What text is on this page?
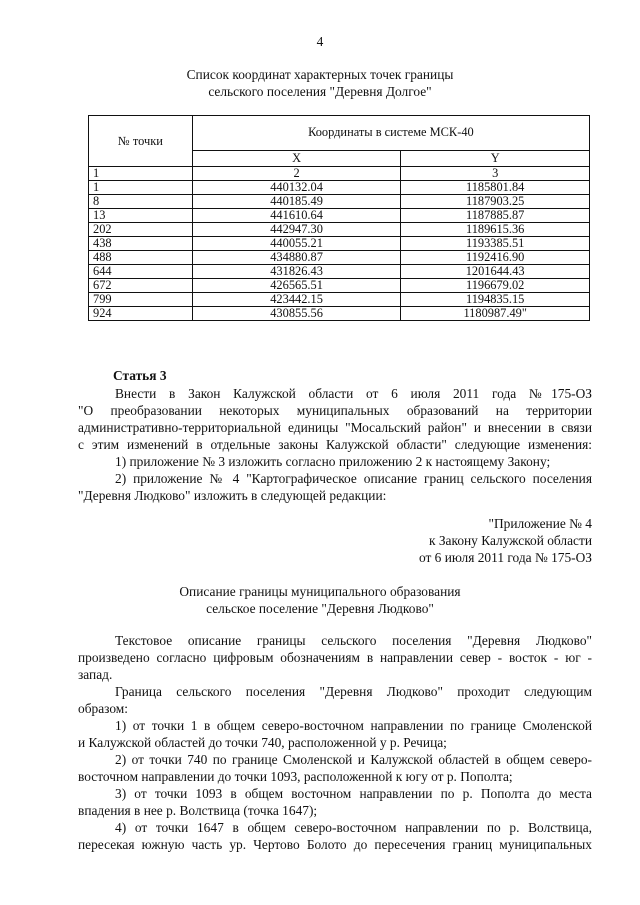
4
Список координат характерных точек границы
сельского поселения "Деревня Долгое"
№ точки	Координаты в системе МСК-40	
	X	Y
1	2	3
1	440132.04	1185801.84
8	440185.49	1187903.25
13	441610.64	1187885.87
202	442947.30	1189615.36
438	440055.21	1193385.51
488	434880.87	1192416.90
644	431826.43	1201644.43
672	426565.51	1196679.02
799	423442.15	1194835.15
924	430855.56	1180987.49"
Статья 3
Внести в Закон Калужской области от 6 июля 2011 года №175-ОЗ
"О преобразовании некоторых муниципальных образований на территории
административно-территориальной единицы "Мосальский район" и внесении в связи
с этим изменений в отдельные законы Калужской области" следующие изменения:
1) приложение № 3 изложить согласно приложению 2 к настоящему Закону;
2) приложение № 4 "Картографическое описание границ сельского поселения
"Деревня Людково" изложить в следующей редакции:
"Приложение № 4
к Закону Калужской области
от 6 июля 2011 года № 175-ОЗ
Описание границы муниципального образования
сельское поселение "Деревня Людково"
Текстовое описание границы сельского поселения "Деревня Людково"
произведено согласно цифровым обозначениям в направлении север - восток - юг -
запад.
Граница сельского поселения "Деревня Людково" проходит следующим
образом:
1) от точки 1 в общем северо-восточном направлении по границе Смоленской
и Калужской областей до точки 740, расположенной у р. Речица;
2) от точки 740 по границе Смоленской и Калужской областей в общем северо-
восточном направлении до точки 1093, расположенной к югу от р. Пополта;
3) от точки 1093 в общем восточном направлении по р. Пополта до места
впадения в нее р. Волствица (точка 1647);
4) от точки 1647 в общем северо-восточном направлении по р. Волствица,
пересекая южную часть ур. Чертово Болото до пересечения границ муниципальных
